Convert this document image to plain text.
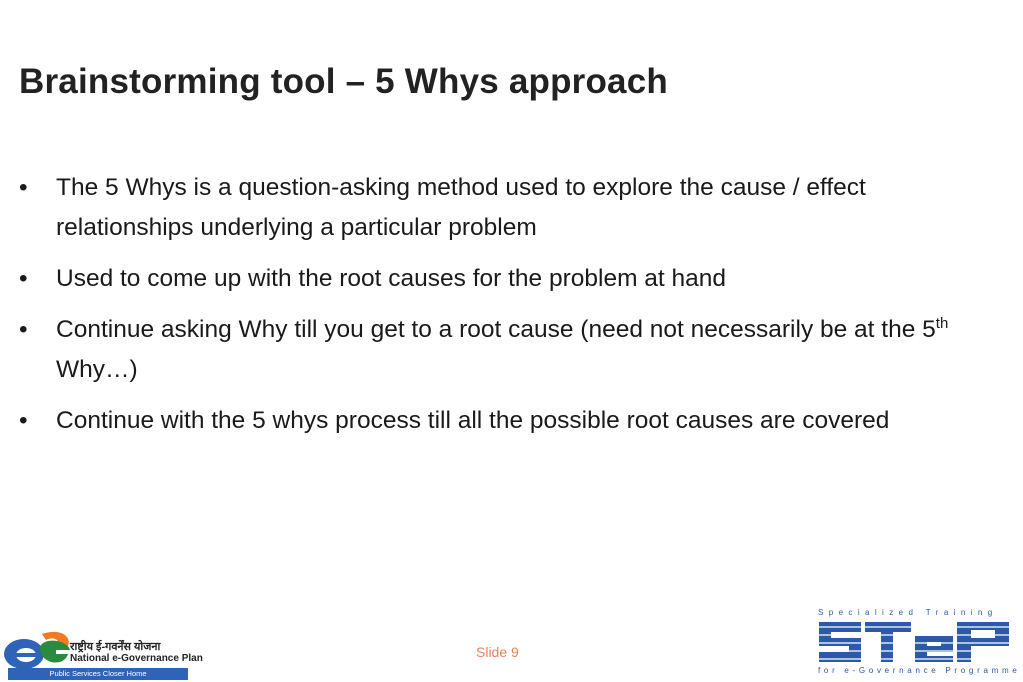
Brainstorming tool – 5 Whys approach
•	The 5 Whys is a question-asking method used to explore the cause / effect relationships underlying a particular problem
•	Used to come up with the root causes for the problem at hand
•	Continue asking Why till you get to a root cause (need not necessarily be at the 5th Why…)
•	Continue with the 5 whys process till all the possible root causes are covered
Slide 9
राष्ट्रीय ई-गवर्नेंस योजना
National e-Governance Plan
Public Services Closer Home
Specialized Training
for e-Governance Programme
